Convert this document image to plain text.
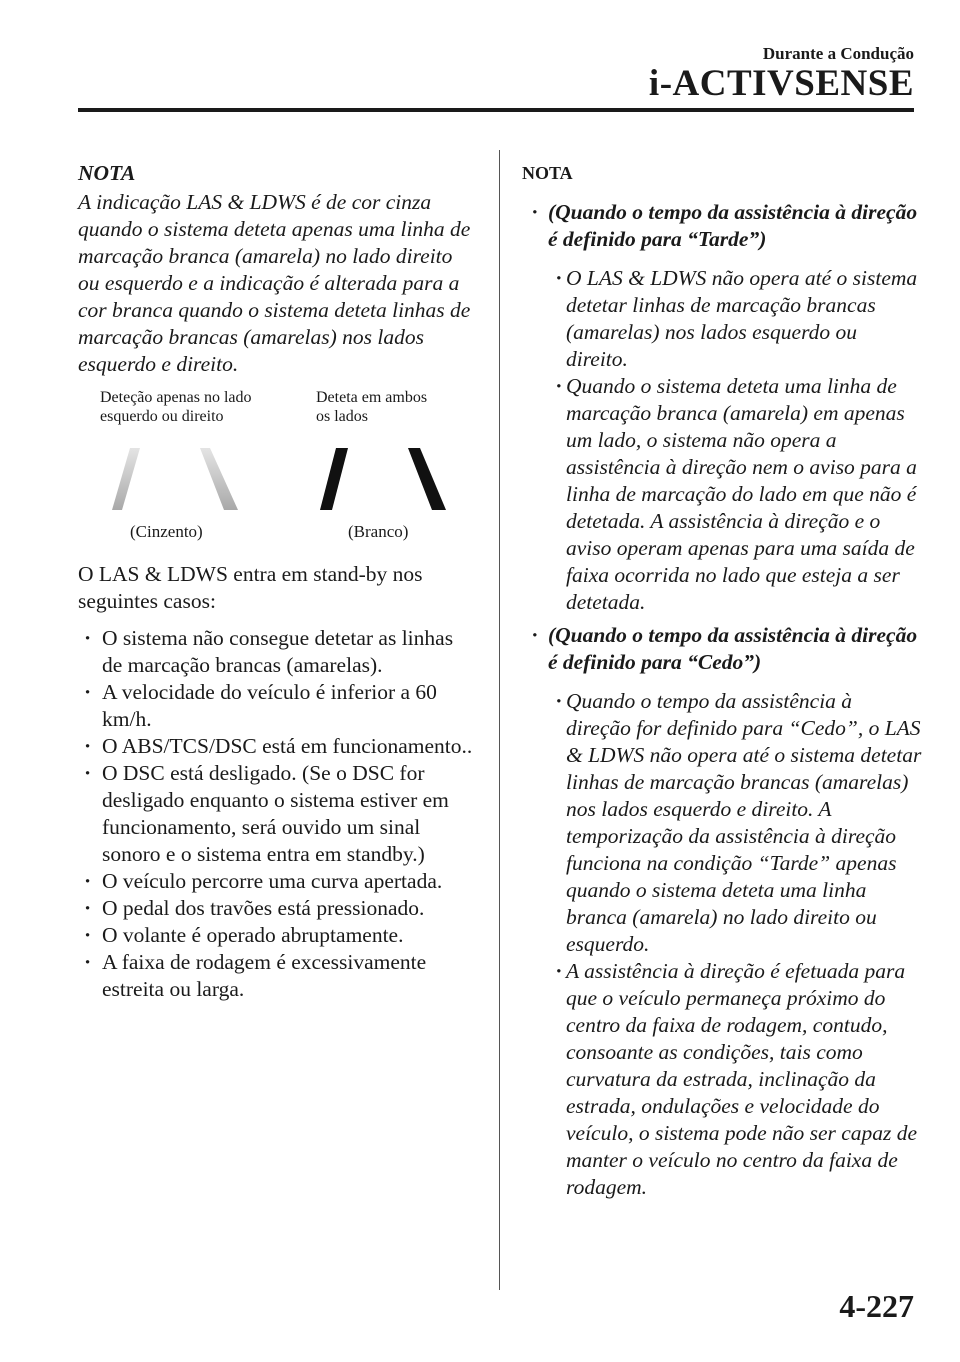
Durante a Condução
i-ACTIVSENSE

NOTA

A indicação LAS & LDWS é de cor cinza quando o sistema deteta apenas uma linha de marcação branca (amarela) no lado direito ou esquerdo e a indicação é alterada para a cor branca quando o sistema deteta linhas de marcação brancas (amarelas) nos lados esquerdo e direito.

Deteção apenas no lado
esquerdo ou direito
Deteta em ambos
os lados
(Cinzento)	(Branco)

O LAS & LDWS entra em stand-by nos seguintes casos:

· O sistema não consegue detetar as linhas de marcação brancas (amarelas).
· A velocidade do veículo é inferior a 60 km/h.
· O ABS/TCS/DSC está em funcionamento..
· O DSC está desligado. (Se o DSC for desligado enquanto o sistema estiver em funcionamento, será ouvido um sinal sonoro e o sistema entra em standby.)
· O veículo percorre uma curva apertada.
· O pedal dos travões está pressionado.
· O volante é operado abruptamente.
· A faixa de rodagem é excessivamente estreita ou larga.

NOTA

· (Quando o tempo da assistência à direção é definido para “Tarde”)

· O LAS & LDWS não opera até o sistema detetar linhas de marcação brancas (amarelas) nos lados esquerdo ou direito.
· Quando o sistema deteta uma linha de marcação branca (amarela) em apenas um lado, o sistema não opera a assistência à direção nem o aviso para a linha de marcação do lado em que não é detetada. A assistência à direção e o aviso operam apenas para uma saída de faixa ocorrida no lado que esteja a ser detetada.

· (Quando o tempo da assistência à direção é definido para “Cedo”)

· Quando o tempo da assistência à direção for definido para “Cedo”, o LAS & LDWS não opera até o sistema detetar linhas de marcação brancas (amarelas) nos lados esquerdo e direito. A temporização da assistência à direção funciona na condição “Tarde” apenas quando o sistema deteta uma linha branca (amarela) no lado direito ou esquerdo.
· A assistência à direção é efetuada para que o veículo permaneça próximo do centro da faixa de rodagem, contudo, consoante as condições, tais como curvatura da estrada, inclinação da estrada, ondulações e velocidade do veículo, o sistema pode não ser capaz de manter o veículo no centro da faixa de rodagem.
4-227
